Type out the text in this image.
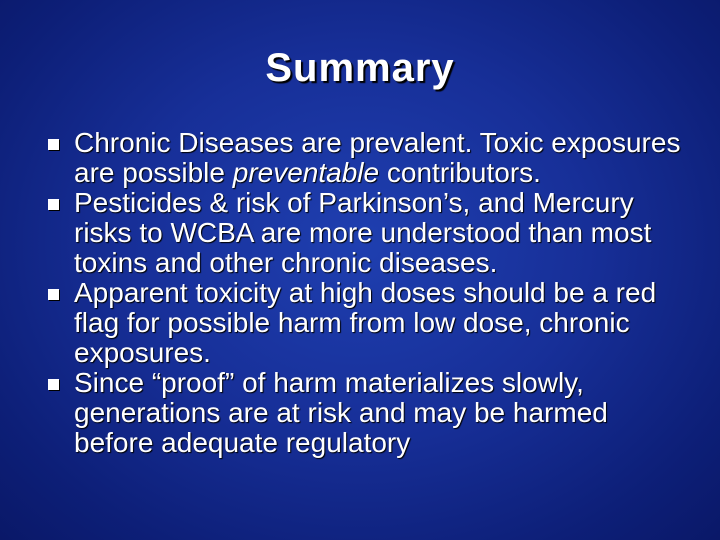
Summary
Chronic Diseases are prevalent. Toxic exposures are possible preventable contributors.
Pesticides & risk of Parkinson’s, and Mercury risks to WCBA are more understood than most toxins and other chronic diseases.
Apparent toxicity at high doses should be a red flag for possible harm from low dose, chronic exposures.
Since “proof” of harm materializes slowly, generations are at risk and may be harmed before adequate regulatory
